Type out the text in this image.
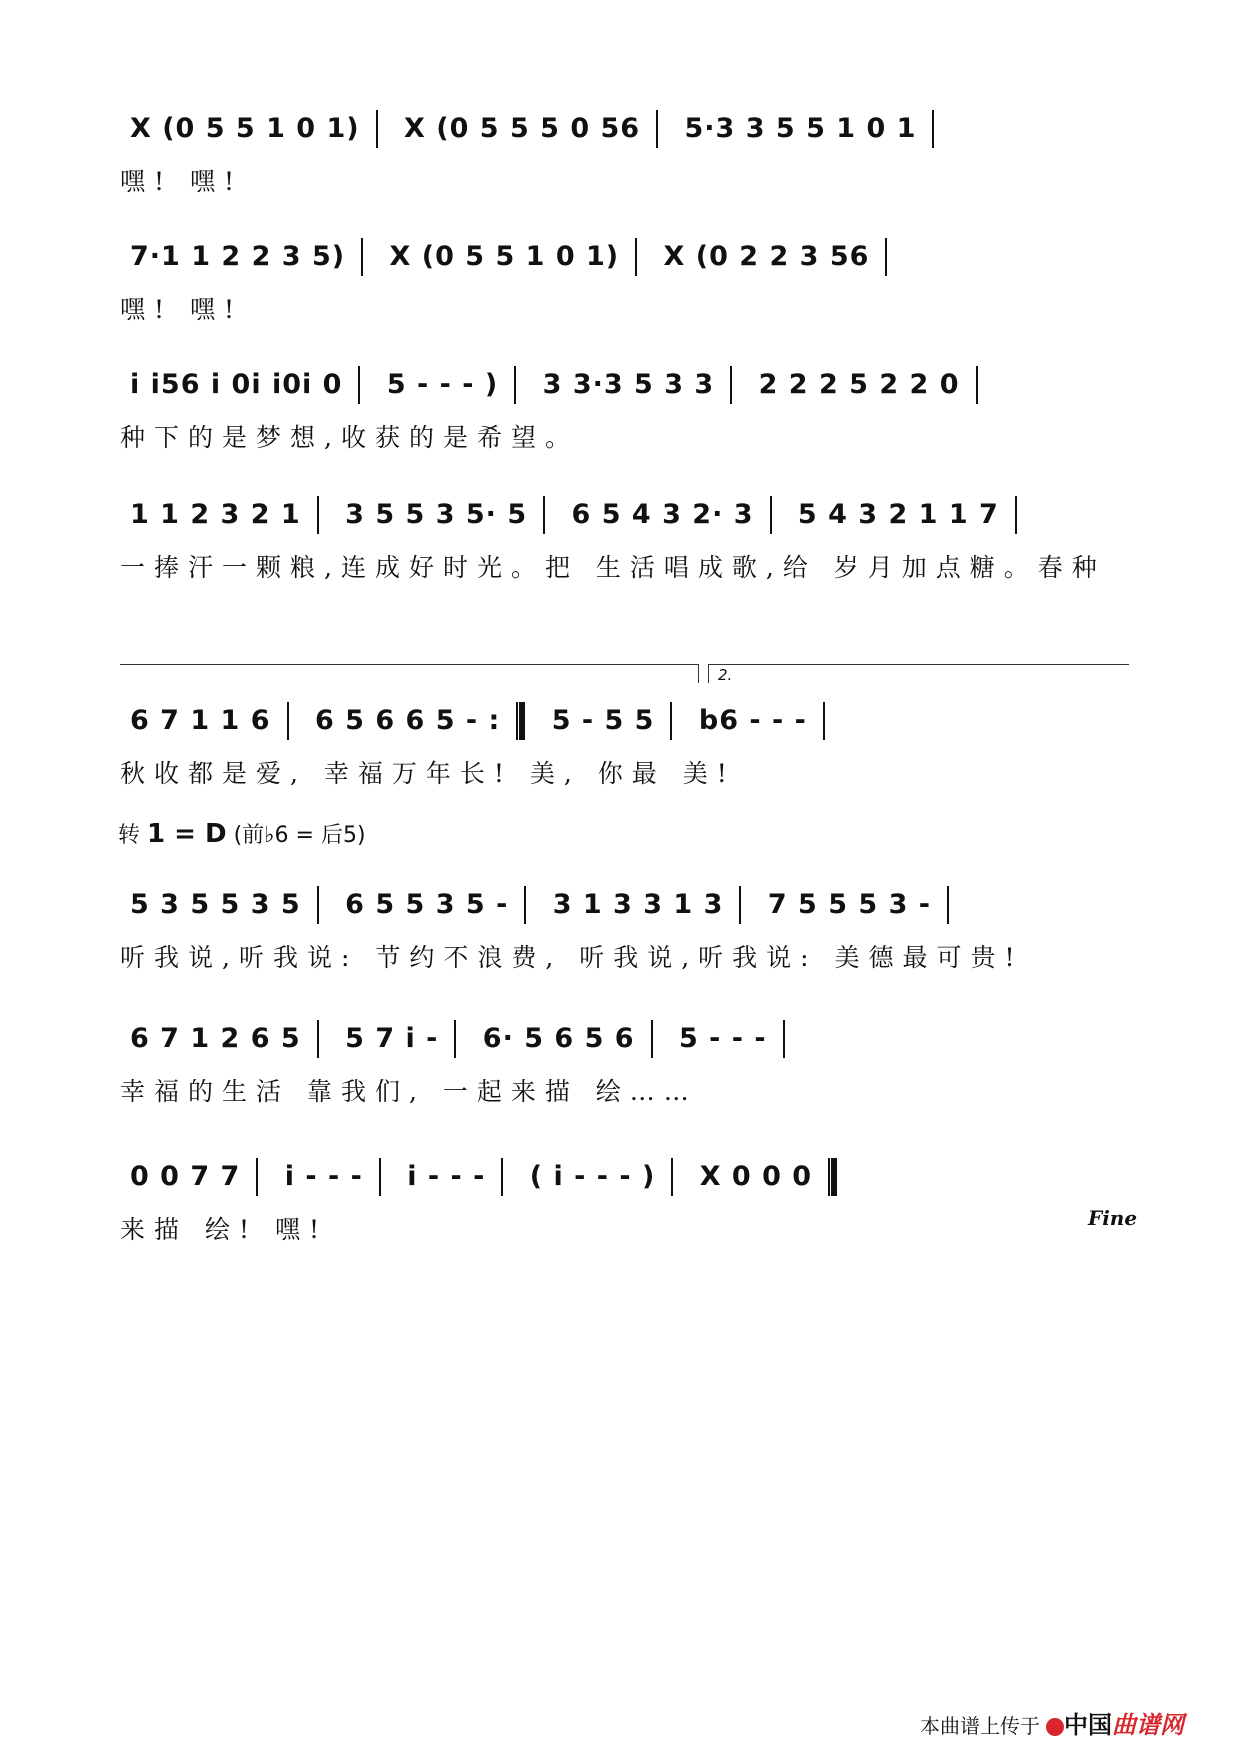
X (0 5 5 1 0 1) X (0 5 5 5 0 56 5·3 3 5 5 1 0 1
嘿! 嘿!
7·1 1 2 2 3 5) X (0 5 5 1 0 1) X (0 2 2 3 56
嘿! 嘿!
i i56 i 0i i0i 0 5 - - - ) 3 3·3 5 3 3 2 2 2 5 2 2 0
种下的是梦想,收获的是希望。
1 1 2 3 2 1 3 5 5 3 5· 5 6 5 4 3 2· 3 5 4 3 2 1 1 7
一捧汗一颗粮,连成好时光。把 生活唱成歌,给 岁月加点糖。春种
2.
6 7 1 1 6 6 5 6 6 5 - : 5 - 5 5 b6 - - -
秋收都是爱, 幸福万年长! 美, 你最 美!
转 1 = D (前♭6 = 后5)
5 3 5 5 3 5 6 5 5 3 5 - 3 1 3 3 1 3 7 5 5 5 3 -
听我说,听我说: 节约不浪费, 听我说,听我说: 美德最可贵!
6 7 1 2 6 5 5 7 i - 6· 5 6 5 6 5 - - -
幸福的生活 靠我们, 一起来描 绘……
0 0 7 7 i - - - i - - - ( i - - - ) X 0 0 0
来描 绘! 嘿!	Fine
本曲谱上传于 中国曲谱网
